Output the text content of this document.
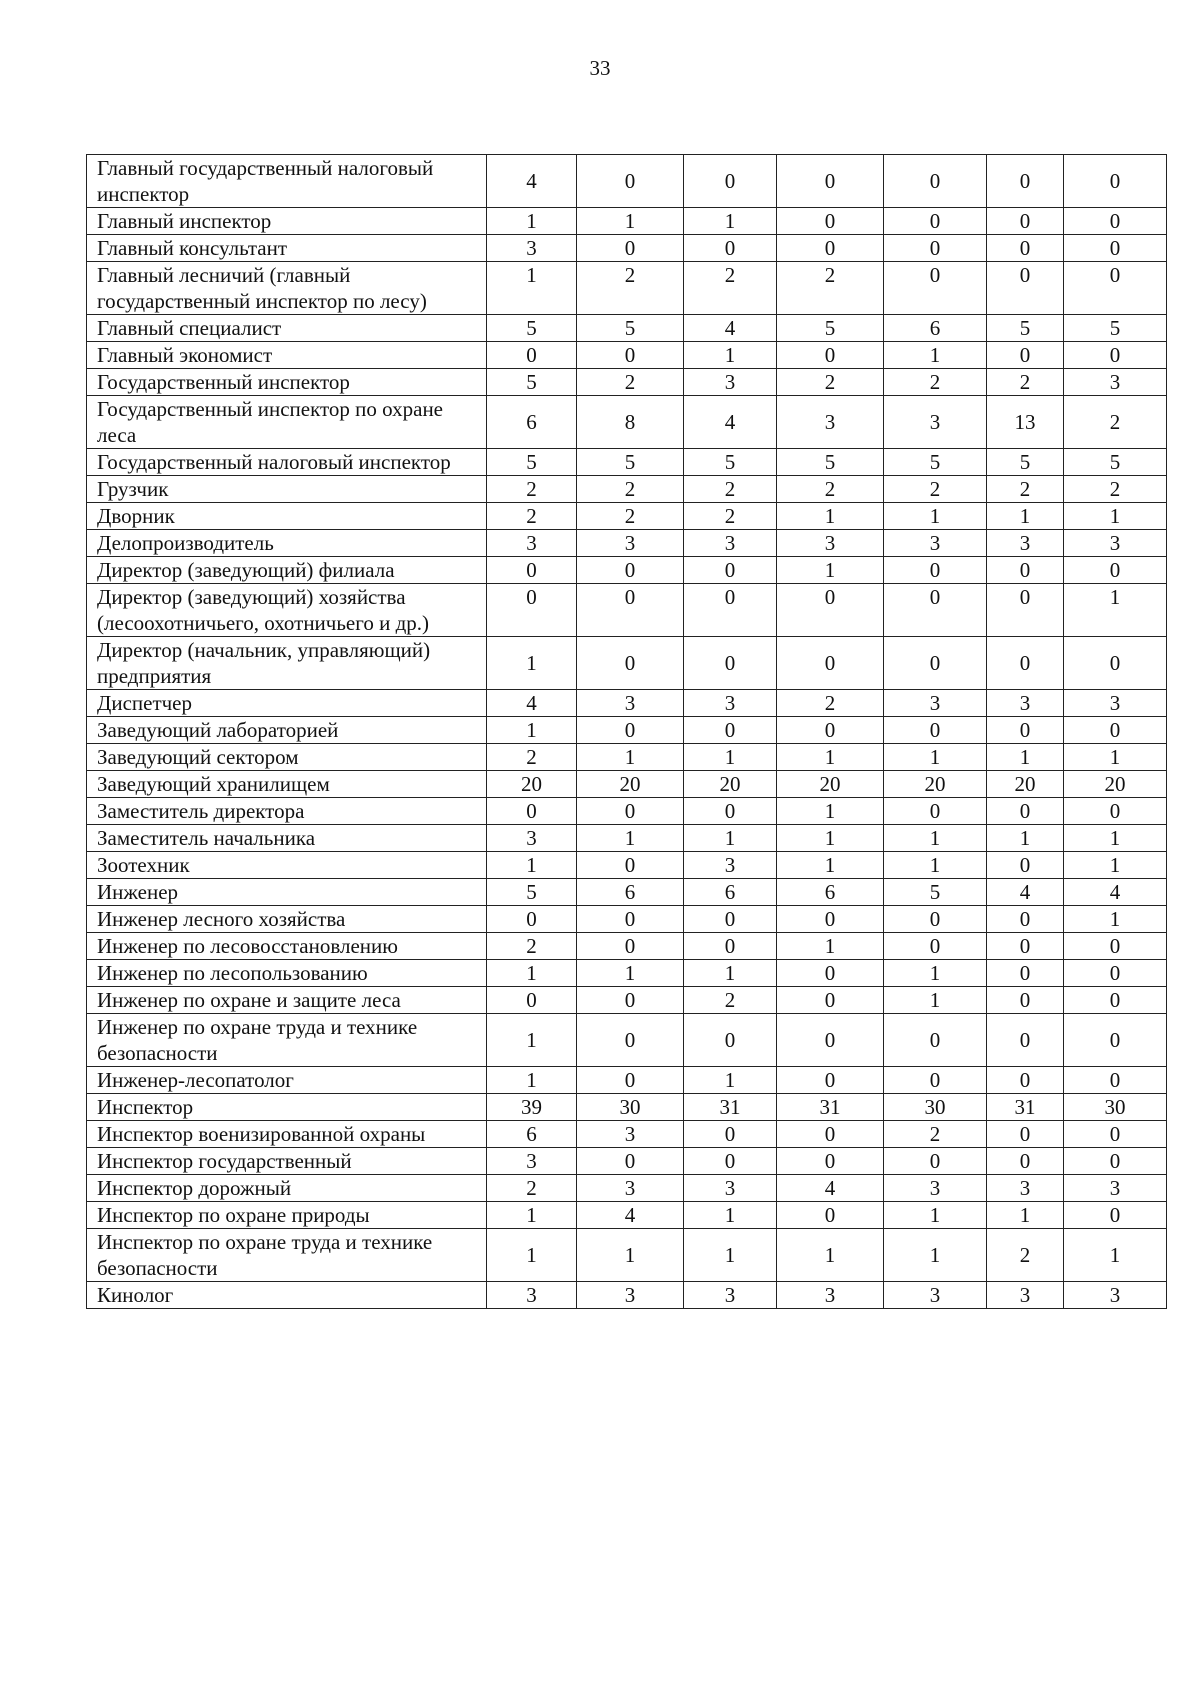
33
Главный государственный налоговый инспектор	4	0	0	0	0	0	0
Главный инспектор	1	1	1	0	0	0	0
Главный консультант	3	0	0	0	0	0	0
Главный лесничий (главный государственный инспектор по лесу)	1	2	2	2	0	0	0
Главный специалист	5	5	4	5	6	5	5
Главный экономист	0	0	1	0	1	0	0
Государственный инспектор	5	2	3	2	2	2	3
Государственный инспектор по охране леса	6	8	4	3	3	13	2
Государственный налоговый инспектор	5	5	5	5	5	5	5
Грузчик	2	2	2	2	2	2	2
Дворник	2	2	2	1	1	1	1
Делопроизводитель	3	3	3	3	3	3	3
Директор (заведующий) филиала	0	0	0	1	0	0	0
Директор (заведующий) хозяйства (лесоохотничьего, охотничьего и др.)	0	0	0	0	0	0	1
Директор (начальник, управляющий) предприятия	1	0	0	0	0	0	0
Диспетчер	4	3	3	2	3	3	3
Заведующий лабораторией	1	0	0	0	0	0	0
Заведующий сектором	2	1	1	1	1	1	1
Заведующий хранилищем	20	20	20	20	20	20	20
Заместитель директора	0	0	0	1	0	0	0
Заместитель начальника	3	1	1	1	1	1	1
Зоотехник	1	0	3	1	1	0	1
Инженер	5	6	6	6	5	4	4
Инженер лесного хозяйства	0	0	0	0	0	0	1
Инженер по лесовосстановлению	2	0	0	1	0	0	0
Инженер по лесопользованию	1	1	1	0	1	0	0
Инженер по охране и защите леса	0	0	2	0	1	0	0
Инженер по охране труда и технике безопасности	1	0	0	0	0	0	0
Инженер-лесопатолог	1	0	1	0	0	0	0
Инспектор	39	30	31	31	30	31	30
Инспектор военизированной охраны	6	3	0	0	2	0	0
Инспектор государственный	3	0	0	0	0	0	0
Инспектор дорожный	2	3	3	4	3	3	3
Инспектор по охране природы	1	4	1	0	1	1	0
Инспектор по охране труда и технике безопасности	1	1	1	1	1	2	1
Кинолог	3	3	3	3	3	3	3
